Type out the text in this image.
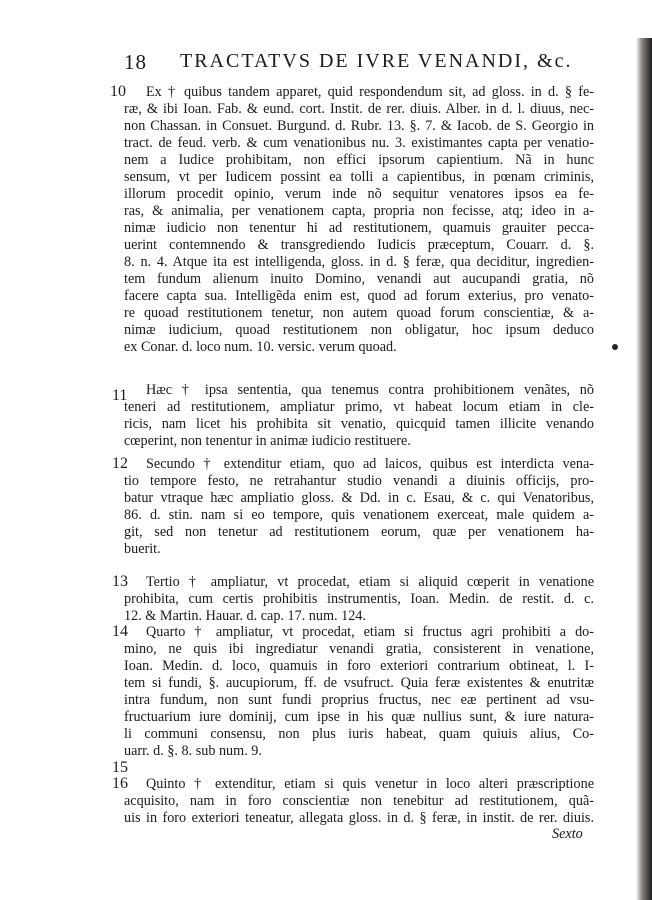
18 TRACTATVS DE IVRE VENANDI, &c.
10
11
12
13
14
15
16
Ex † quibus tandem apparet, quid respondendum sit, ad gloss. in d. § fe-
ræ, & ibi Ioan. Fab. & eund. cort. Instit. de rer. diuis. Alber. in d. l. diuus, nec-
non Chassan. in Consuet. Burgund. d. Rubr. 13. §. 7. & Iacob. de S. Georgio in
tract. de feud. verb. & cum venationibus nu. 3. existimantes capta per venatio-
nem a Iudice prohibitam, non effici ipsorum capientium. Nã in hunc
sensum, vt per Iudicem possint ea tolli a capientibus, in pœnam criminis,
illorum procedit opinio, verum inde nõ sequitur venatores ipsos ea fe-
ras, & animalia, per venationem capta, propria non fecisse, atq; ideo in a-
nimæ iudicio non tenentur hi ad restitutionem, quamuis grauiter pecca-
uerint contemnendo & transgrediendo Iudicis præceptum, Couarr. d. §.
8. n. 4. Atque ita est intelligenda, gloss. in d. § feræ, qua deciditur, ingredien-
tem fundum alienum inuito Domino, venandi aut aucupandi gratia, nõ
facere capta sua. Intelligẽda enim est, quod ad forum exterius, pro venato-
re quoad restitutionem tenetur, non autem quoad forum conscientiæ, & a-
nimæ iudicium, quoad restitutionem non obligatur, hoc ipsum deduco
ex Conar. d. loco num. 10. versic. verum quoad.
Hæc † ipsa sententia, qua tenemus contra prohibitionem venãtes, nõ
teneri ad restitutionem, ampliatur primo, vt habeat locum etiam in cle-
ricis, nam licet his prohibita sit venatio, quicquid tamen illicite venando
cœperint, non tenentur in animæ iudicio restituere.
Secundo † extenditur etiam, quo ad laicos, quibus est interdicta vena-
tio tempore festo, ne retrahantur studio venandi a diuinis officijs, pro-
batur vtraque hæc ampliatio gloss. & Dd. in c. Esau, & c. qui Venatoribus,
86. d. stin. nam si eo tempore, quis venationem exerceat, male quidem a-
git, sed non tenetur ad restitutionem eorum, quæ per venationem ha-
buerit.
Tertio † ampliatur, vt procedat, etiam si aliquid cœperit in venatione
prohibita, cum certis prohibitis instrumentis, Ioan. Medin. de restit. d. c.
12. & Martin. Hauar. d. cap. 17. num. 124.
Quarto † ampliatur, vt procedat, etiam si fructus agri prohibiti a do-
mino, ne quis ibi ingrediatur venandi gratia, consisterent in venatione,
Ioan. Medin. d. loco, quamuis in foro exteriori contrarium obtineat, l. I-
tem si fundi, §. aucupiorum, ff. de vsufruct. Quia feræ existentes & enutritæ
intra fundum, non sunt fundi proprius fructus, nec eæ pertinent ad vsu-
fructuarium iure dominij, cum ipse in his quæ nullius sunt, & iure natura-
li communi consensu, non plus iuris habeat, quam quiuis alius, Co-
uarr. d. §. 8. sub num. 9.
Quinto † extenditur, etiam si quis venetur in loco alteri præscriptione
acquisito, nam in foro conscientiæ non tenebitur ad restitutionem, quã-
uis in foro exteriori teneatur, allegata gloss. in d. § feræ, in instit. de rer. diuis.
Sexto
